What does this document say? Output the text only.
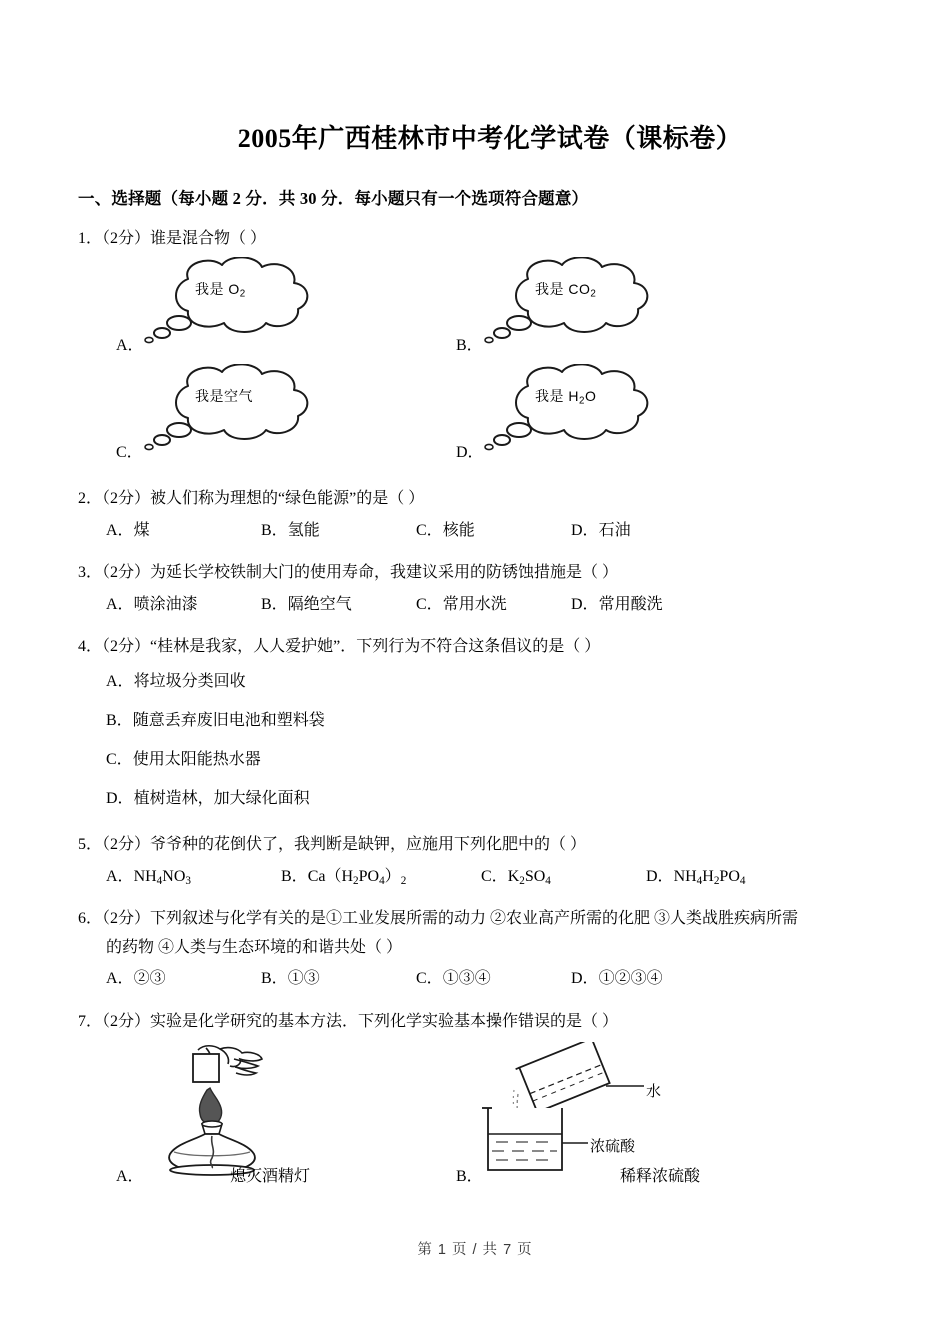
2005年广西桂林市中考化学试卷（课标卷）
一、选择题（每小题 2 分．共 30 分．每小题只有一个选项符合题意）
1．（2分）谁是混合物（ ）
我是 $O_2$
A．
我是 $CO_2$
B．
我是空气
C．
我是 $H_2O$
D．
2．（2分）被人们称为理想的“绿色能源”的是（ ）
A．煤	B．氢能	C．核能	D．石油
3．（2分）为延长学校铁制大门的使用寿命，我建议采用的防锈蚀措施是（ ）
A．喷涂油漆	B．隔绝空气	C．常用水洗	D．常用酸洗
4．（2分）“桂林是我家，人人爱护她”．下列行为不符合这条倡议的是（ ）
A．将垃圾分类回收
B．随意丢弃废旧电池和塑料袋
C．使用太阳能热水器
D．植树造林，加大绿化面积
5．（2分）爷爷种的花倒伏了，我判断是缺钾，应施用下列化肥中的（ ）
A．$NH_4NO_3$	B．$Ca(H_2PO_4)_2$	C．$K_2SO_4$	D．$NH_4H_2PO_4$
6．（2分）下列叙述与化学有关的是①工业发展所需的动力 ②农业高产所需的化肥 ③人类战胜疾病所需
的药物 ④人类与生态环境的和谐共处（ ）
A．②③	B．①③	C．①③④	D．①②③④
7．（2分）实验是化学研究的基本方法．下列化学实验基本操作错误的是（ ）
A．	熄灭酒精灯
水
浓硫酸
B．	稀释浓硫酸
第 1 页 / 共 7 页
